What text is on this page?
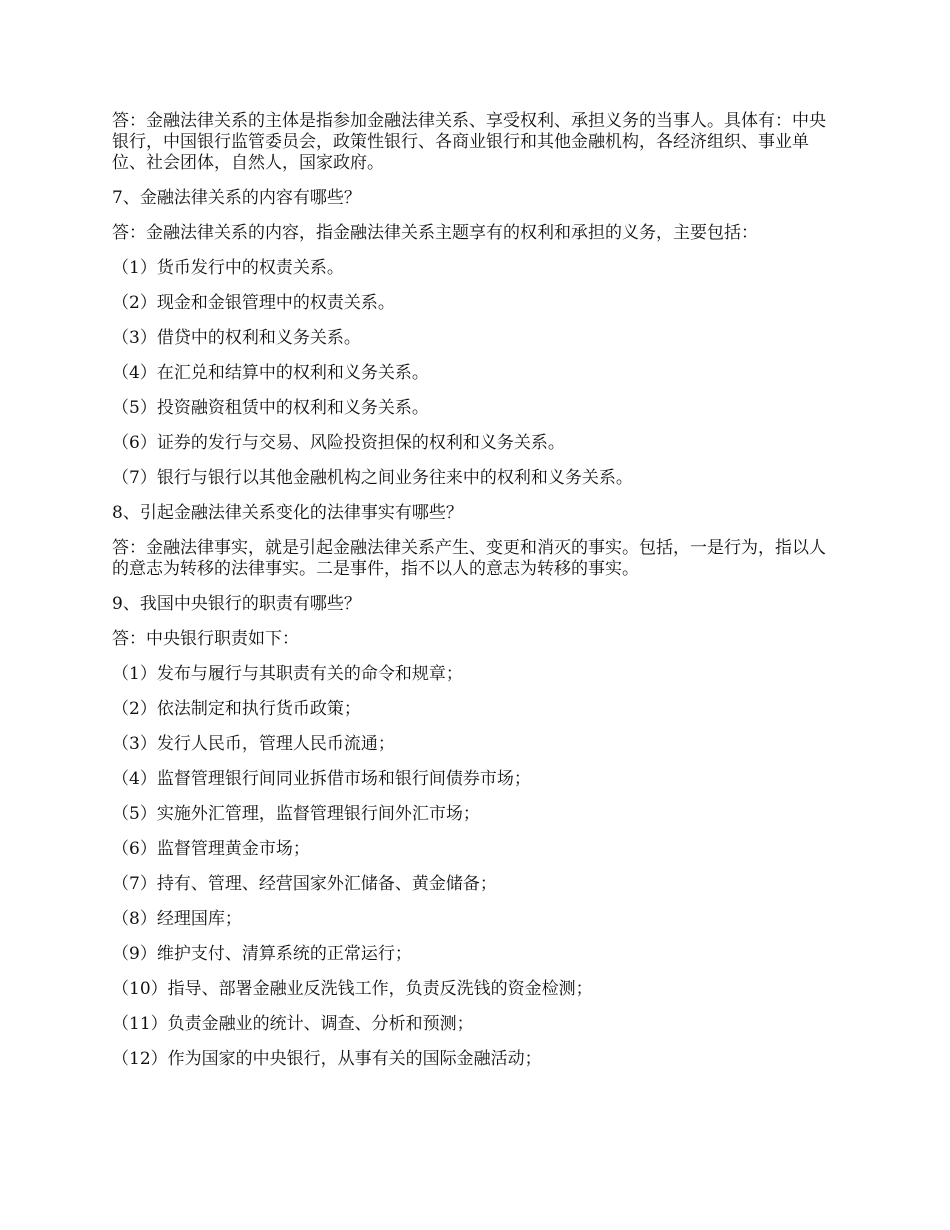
答：金融法律关系的主体是指参加金融法律关系、享受权利、承担义务的当事人。具体有：中央银行，中国银行监管委员会，政策性银行、各商业银行和其他金融机构，各经济组织、事业单位、社会团体，自然人，国家政府。

7、金融法律关系的内容有哪些？

答：金融法律关系的内容，指金融法律关系主题享有的权利和承担的义务，主要包括：

（1）货币发行中的权责关系。

（2）现金和金银管理中的权责关系。

（3）借贷中的权利和义务关系。

（4）在汇兑和结算中的权利和义务关系。

（5）投资融资租赁中的权利和义务关系。

（6）证券的发行与交易、风险投资担保的权利和义务关系。

（7）银行与银行以其他金融机构之间业务往来中的权利和义务关系。

8、引起金融法律关系变化的法律事实有哪些？

答：金融法律事实，就是引起金融法律关系产生、变更和消灭的事实。包括，一是行为，指以人的意志为转移的法律事实。二是事件，指不以人的意志为转移的事实。

9、我国中央银行的职责有哪些？

答：中央银行职责如下：

（1）发布与履行与其职责有关的命令和规章；

（2）依法制定和执行货币政策；

（3）发行人民币，管理人民币流通；

（4）监督管理银行间同业拆借市场和银行间债券市场；

（5）实施外汇管理，监督管理银行间外汇市场；

（6）监督管理黄金市场；

（7）持有、管理、经营国家外汇储备、黄金储备；

（8）经理国库；

（9）维护支付、清算系统的正常运行；

（10）指导、部署金融业反洗钱工作，负责反洗钱的资金检测；

（11）负责金融业的统计、调查、分析和预测；

（12）作为国家的中央银行，从事有关的国际金融活动；
